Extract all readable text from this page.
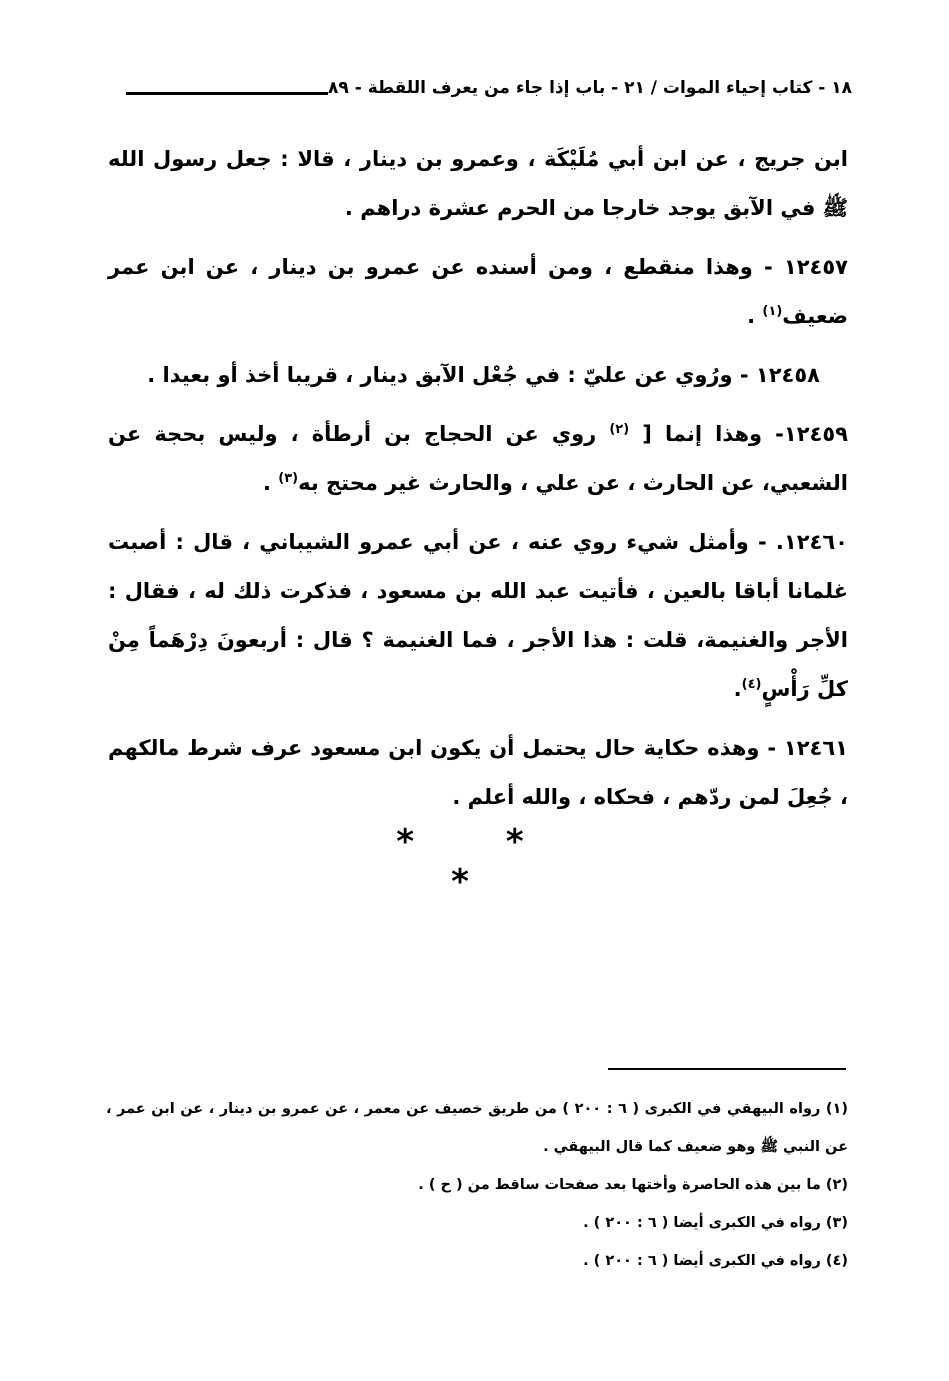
١٨ - كتاب إحياء الموات / ٢١ - باب إذا جاء من يعرف اللقطة - ٨٩

ابن جريج ، عن ابن أبي مُلَيْكَة ، وعمرو بن دينار ، قالا : جعل رسول الله ﷺ في الآبق يوجد خارجا من الحرم عشرة دراهم .

١٢٤٥٧ - وهذا منقطع ، ومن أسنده عن عمرو بن دينار ، عن ابن عمر ضعيف$^{(١)}$ .

١٢٤٥٨ - ورُوي عن عليّ : في جُعْل الآبق دينار ، قريبا أخذ أو بعيدا .

١٢٤٥٩- وهذا إنما [ $^{(٢)}$ روي عن الحجاج بن أرطأة ، وليس بحجة عن الشعبي، عن الحارث ، عن علي ، والحارث غير محتج به$^{(٣)}$ .

١٢٤٦٠. - وأمثل شيء روي عنه ، عن أبي عمرو الشيباني ، قال : أصبت غلمانا أباقا بالعين ، فأتيت عبد الله بن مسعود ، فذكرت ذلك له ، فقال : الأجر والغنيمة، قلت : هذا الأجر ، فما الغنيمة ؟ قال : أربعونَ دِرْهَماً مِنْ كلِّ رَأْسٍ$^{(٤)}$.

١٢٤٦١ - وهذه حكاية حال يحتمل أن يكون ابن مسعود عرف شرط مالكهم ، جُعِلَ لمن ردّهم ، فحكاه ، والله أعلم .

* * *

(١) رواه البيهقي في الكبرى ( ٦ : ٢٠٠ ) من طريق خصيف عن معمر ، عن عمرو بن دينار ، عن ابن عمر ، عن النبي ﷺ وهو ضعيف كما قال البيهقي .

(٢) ما بين هذه الحاصرة وأختها بعد صفحات ساقط من ( ح ) .

(٣) رواه في الكبرى أيضا ( ٦ : ٢٠٠ ) .

(٤) رواه في الكبرى أيضا ( ٦ : ٢٠٠ ) .
